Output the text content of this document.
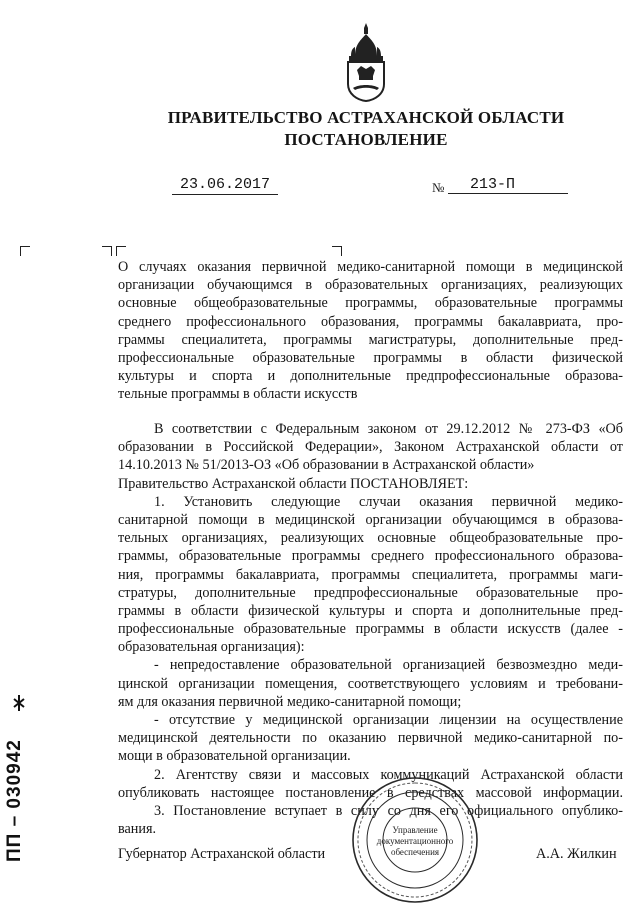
ПРАВИТЕЛЬСТВО АСТРАХАНСКОЙ ОБЛАСТИ
ПОСТАНОВЛЕНИЕ
23.06.2017	№	213-П
О случаях оказания первичной медико-санитарной помощи в медицинской
организации обучающимся в образовательных организациях, реализующих
основные общеобразовательные программы, образовательные программы
среднего профессионального образования, программы бакалавриата, про-
граммы специалитета, программы магистратуры, дополнительные пред-
профессиональные образовательные программы в области физической
культуры и спорта и дополнительные предпрофессиональные образова-
тельные программы в области искусств
В соответствии с Федеральным законом от 29.12.2012 № 273-ФЗ «Об
образовании в Российской Федерации», Законом Астраханской области от
14.10.2013 № 51/2013-ОЗ «Об образовании в Астраханской области»
Правительство Астраханской области ПОСТАНОВЛЯЕТ:
1. Установить следующие случаи оказания первичной медико-
санитарной помощи в медицинской организации обучающимся в образова-
тельных организациях, реализующих основные общеобразовательные про-
граммы, образовательные программы среднего профессионального образова-
ния, программы бакалавриата, программы специалитета, программы маги-
стратуры, дополнительные предпрофессиональные образовательные про-
граммы в области физической культуры и спорта и дополнительные пред-
профессиональные образовательные программы в области искусств (далее -
образовательная организация):
- непредоставление образовательной организацией безвозмездно меди-
цинской организации помещения, соответствующего условиям и требовани-
ям для оказания первичной медико-санитарной помощи;
- отсутствие у медицинской организации лицензии на осуществление
медицинской деятельности по оказанию первичной медико-санитарной по-
мощи в образовательной организации.
2. Агентству связи и массовых коммуникаций Астраханской области
опубликовать настоящее постановление в средствах массовой информации.
3. Постановление вступает в силу со дня его официального опублико-
вания.
ПП – 030942	Управление
документационного
обеспечения
Губернатор Астраханской области	А.А. Жилкин
